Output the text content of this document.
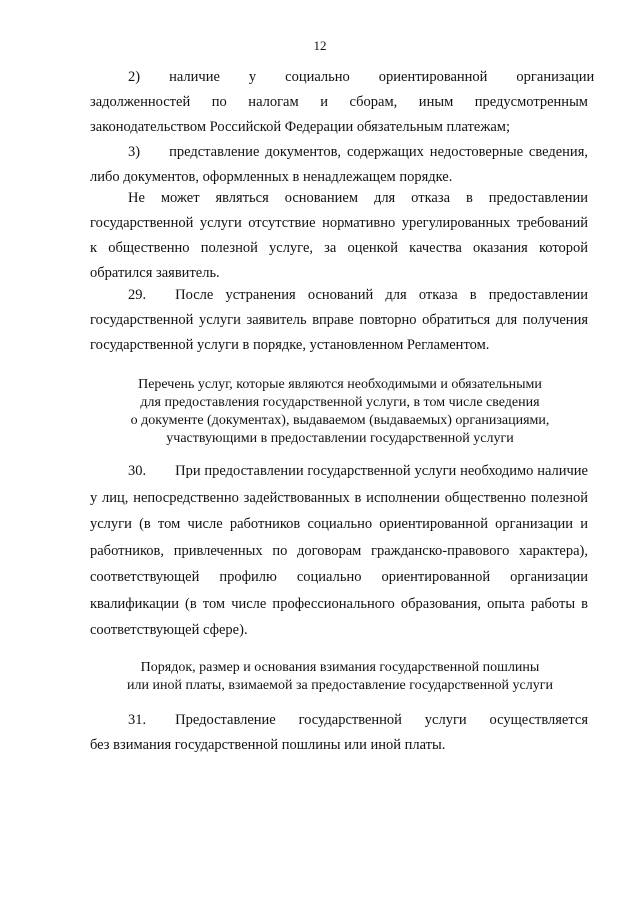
12
2)  наличие  у  социально  ориентированной  организации
задолженностей по налогам и сборам, иным предусмотренным
законодательством Российской Федерации обязательным платежам;
3)  представление документов, содержащих недостоверные сведения,
либо документов, оформленных в ненадлежащем порядке.
Не может являться основанием для отказа в предоставлении
государственной услуги отсутствие нормативно урегулированных требований
к общественно полезной услуге, за оценкой качества оказания которой
обратился заявитель.
29.  После устранения оснований для отказа в предоставлении
государственной услуги заявитель вправе повторно обратиться для получения
государственной услуги в порядке, установленном Регламентом.
Перечень услуг, которые являются необходимыми и обязательными
для предоставления государственной услуги, в том числе сведения
о документе (документах), выдаваемом (выдаваемых) организациями,
участвующими в предоставлении государственной услуги
30.  При предоставлении государственной услуги необходимо наличие
у лиц, непосредственно задействованных в исполнении общественно полезной
услуги (в том числе работников социально ориентированной организации и
работников, привлеченных по договорам гражданско-правового характера),
соответствующей профилю социально ориентированной организации
квалификации (в том числе профессионального образования, опыта работы в
соответствующей сфере).
Порядок, размер и основания взимания государственной пошлины
или иной платы, взимаемой за предоставление государственной услуги
31.  Предоставление государственной услуги осуществляется
без взимания государственной пошлины или иной платы.
